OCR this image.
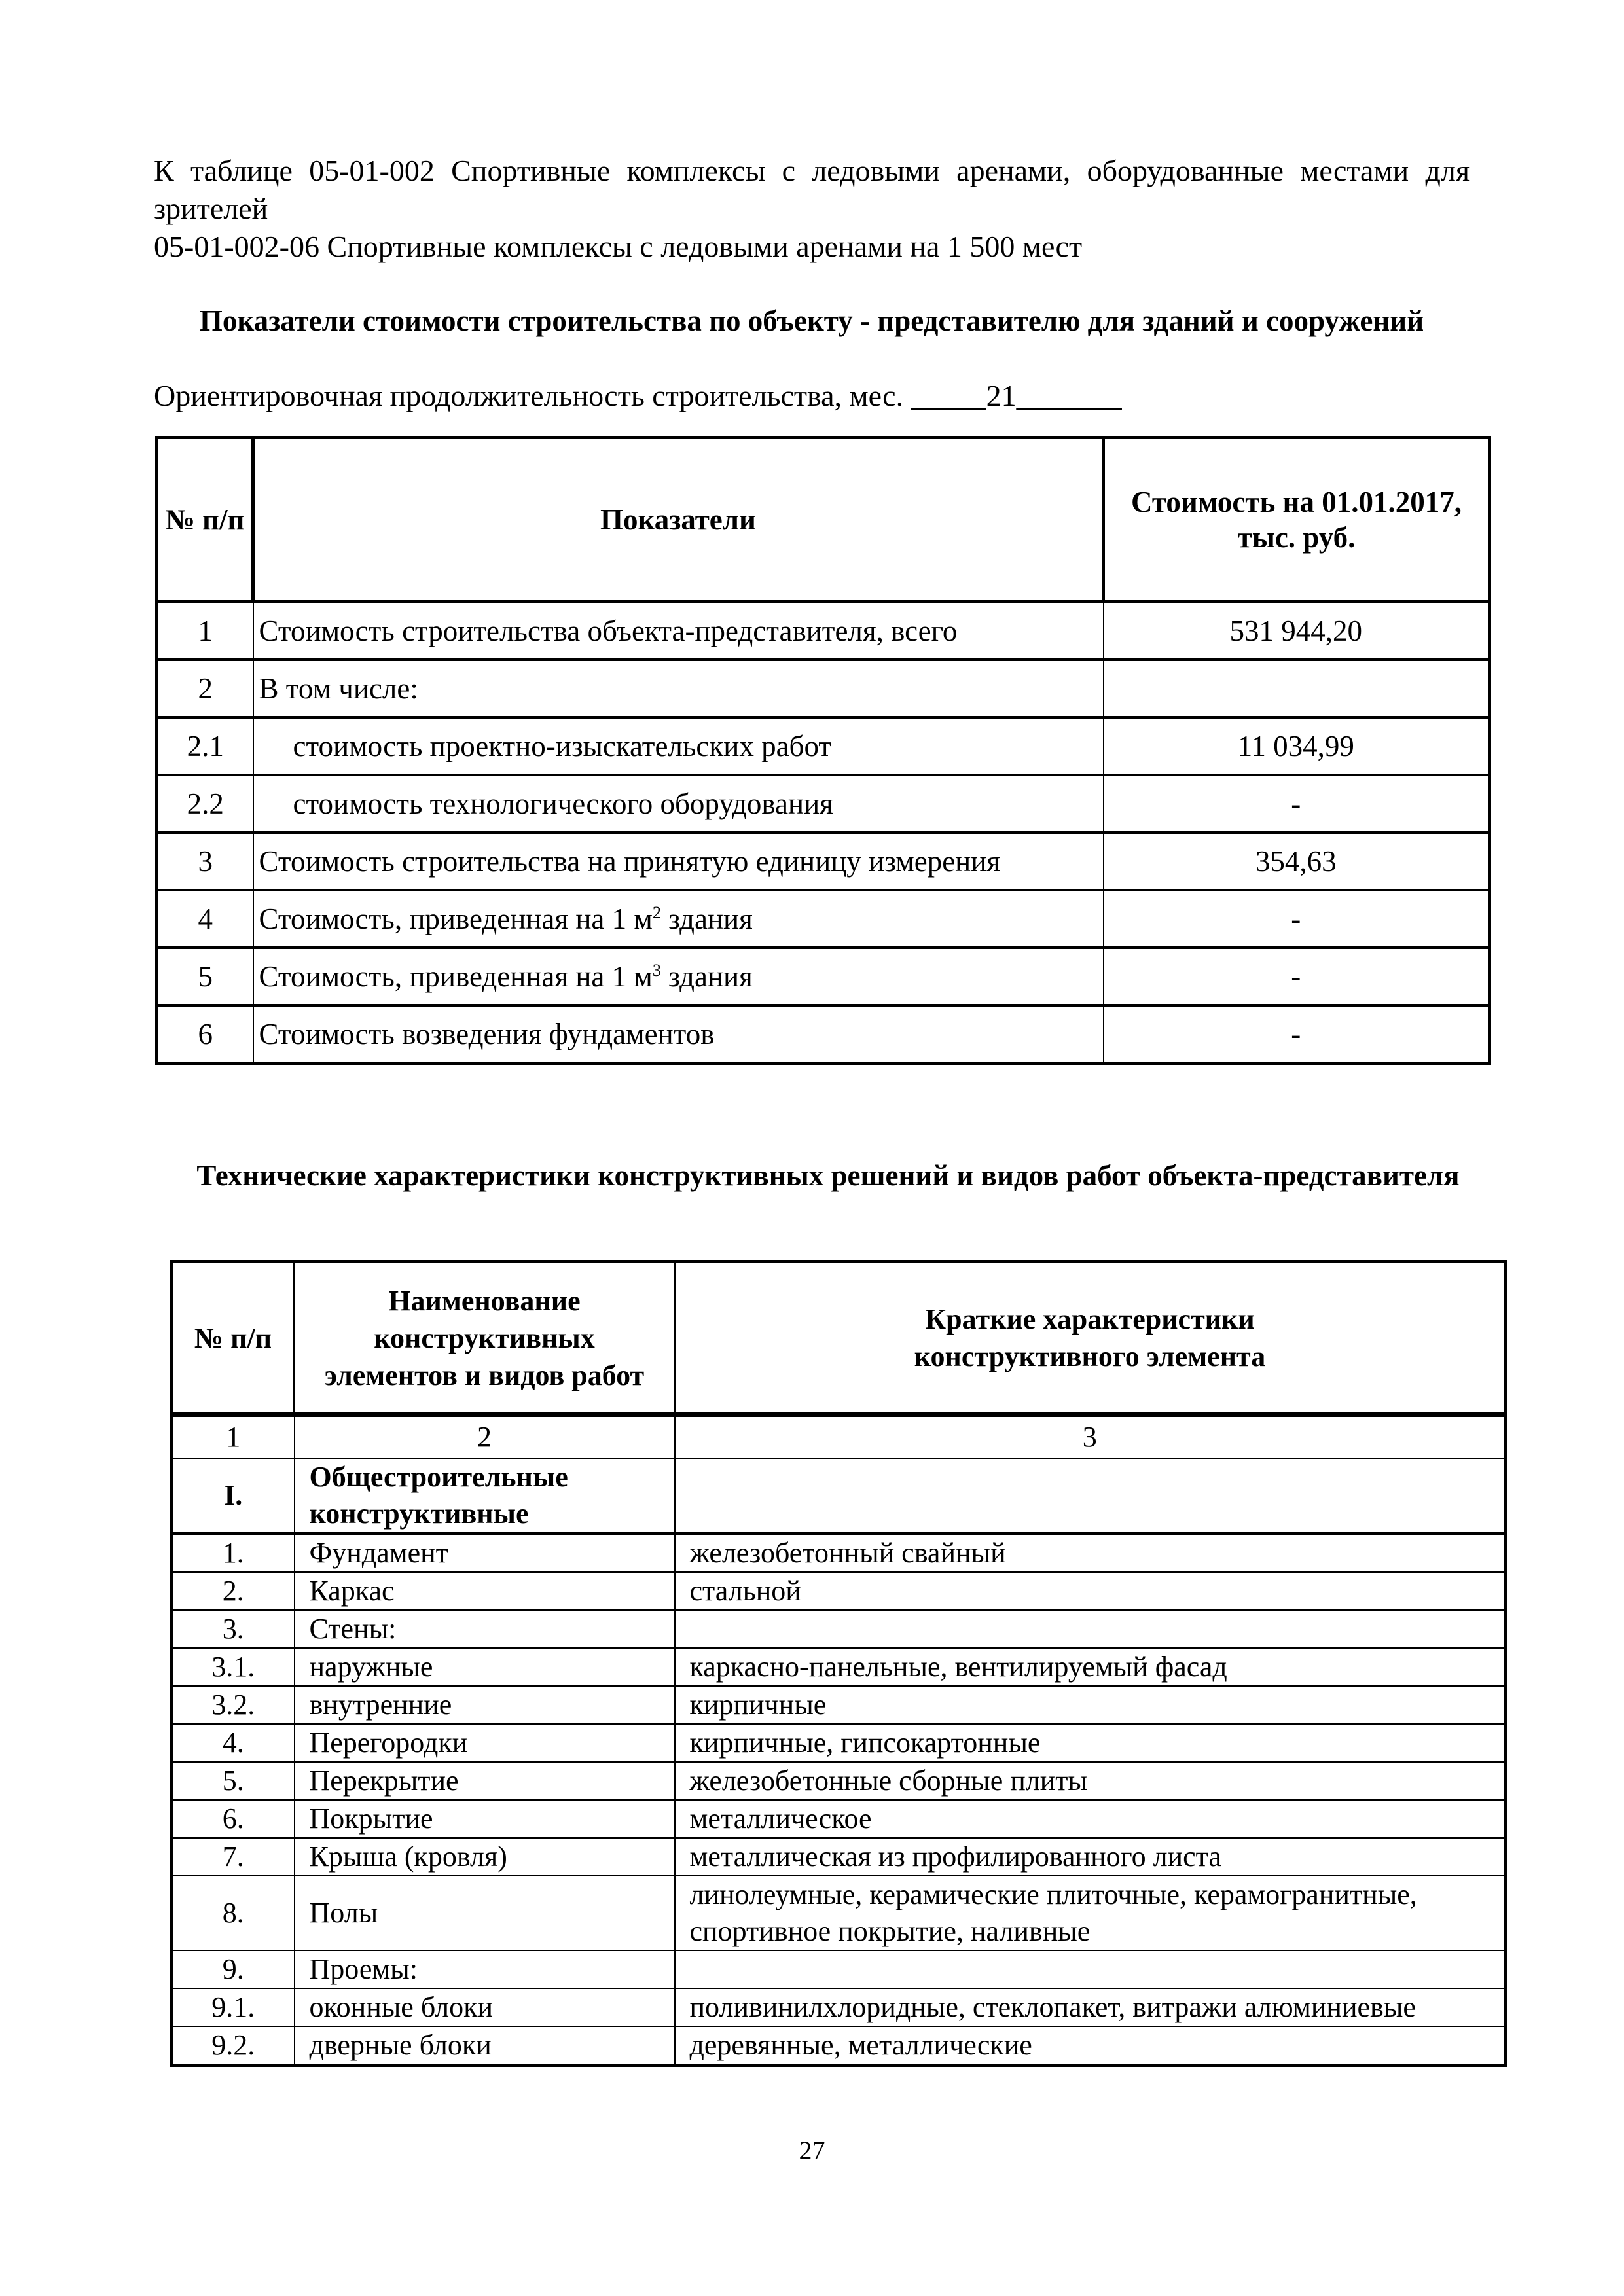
К таблице 05-01-002 Спортивные комплексы с ледовыми аренами, оборудованные местами для зрителей

05-01-002-06 Спортивные комплексы с ледовыми аренами на 1 500 мест

Показатели стоимости строительства по объекту - представителю для зданий и сооружений
Ориентировочная продолжительность строительства, мес. _____21_______
№ п/п	Показатели	Стоимость на 01.01.2017, тыс. руб.
1	Стоимость строительства объекта-представителя, всего	531 944,20
2	В том числе:	
2.1	стоимость проектно-изыскательских работ	11 034,99
2.2	стоимость технологического оборудования	-
3	Стоимость строительства на принятую единицу измерения	354,63
4	Стоимость, приведенная на 1 $м^2$ здания	-
5	Стоимость, приведенная на 1 $м^3$ здания	-
6	Стоимость возведения фундаментов	-
Технические характеристики конструктивных решений и видов работ объекта-представителя
№ п/п	Наименование конструктивных элементов и видов работ	Краткие характеристики конструктивного элемента
1	2	3
I.	Общестроительные конструктивные	
1.	Фундамент	железобетонный свайный
2.	Каркас	стальной
3.	Стены:	
3.1.	наружные	каркасно-панельные, вентилируемый фасад
3.2.	внутренние	кирпичные
4.	Перегородки	кирпичные, гипсокартонные
5.	Перекрытие	железобетонные сборные плиты
6.	Покрытие	металлическое
7.	Крыша (кровля)	металлическая из профилированного листа
8.	Полы	линолеумные, керамические плиточные, керамогранитные, спортивное покрытие, наливные
9.	Проемы:	
9.1.	оконные блоки	поливинилхлоридные, стеклопакет, витражи алюминиевые
9.2.	дверные блоки	деревянные, металлические
27
